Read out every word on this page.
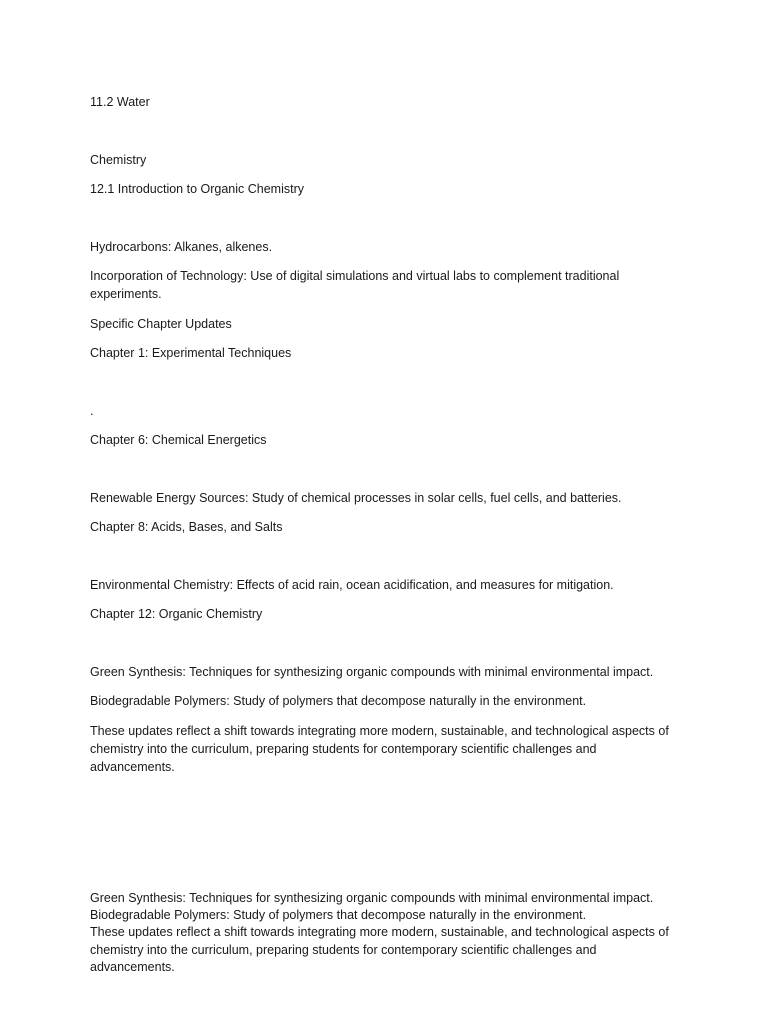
11.2 Water

Chemistry

12.1 Introduction to Organic Chemistry

Hydrocarbons: Alkanes, alkenes.

Incorporation of Technology: Use of digital simulations and virtual labs to complement traditional experiments.

Specific Chapter Updates

Chapter 1: Experimental Techniques

.

Chapter 6: Chemical Energetics

Renewable Energy Sources: Study of chemical processes in solar cells, fuel cells, and batteries.

Chapter 8: Acids, Bases, and Salts

Environmental Chemistry: Effects of acid rain, ocean acidification, and measures for mitigation.

Chapter 12: Organic Chemistry

Green Synthesis: Techniques for synthesizing organic compounds with minimal environmental impact.

Biodegradable Polymers: Study of polymers that decompose naturally in the environment.

These updates reflect a shift towards integrating more modern, sustainable, and technological aspects of chemistry into the curriculum, preparing students for contemporary scientific challenges and advancements.

Green Synthesis: Techniques for synthesizing organic compounds with minimal environmental impact.

Biodegradable Polymers: Study of polymers that decompose naturally in the environment.

These updates reflect a shift towards integrating more modern, sustainable, and technological aspects of chemistry into the curriculum, preparing students for contemporary scientific challenges and advancements.
